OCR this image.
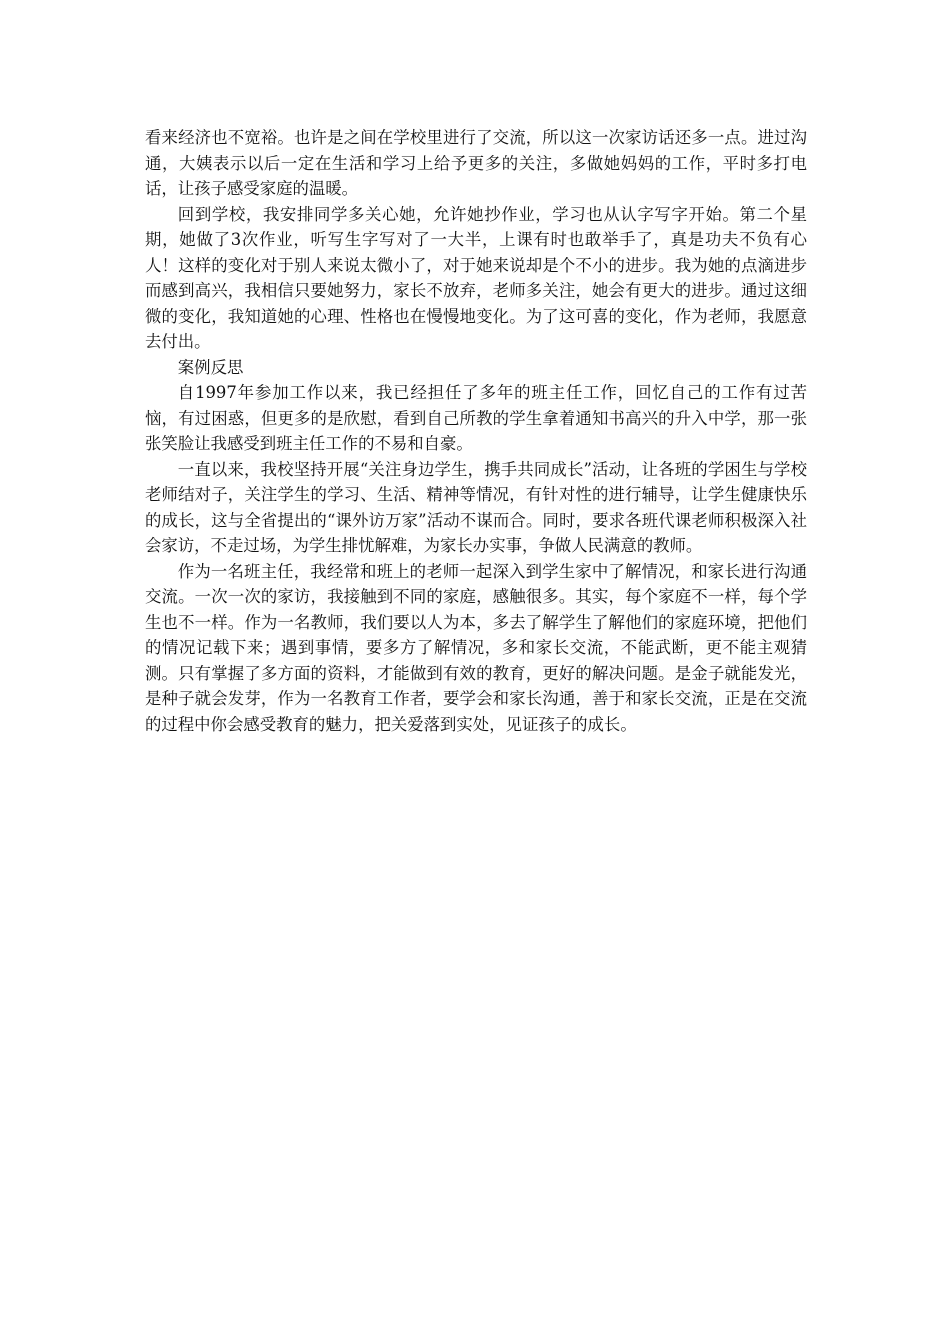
看来经济也不宽裕。也许是之间在学校里进行了交流，所以这一次家访话还多一点。进过沟通，大姨表示以后一定在生活和学习上给予更多的关注，多做她妈妈的工作，平时多打电话，让孩子感受家庭的温暖。

回到学校，我安排同学多关心她，允许她抄作业，学习也从认字写字开始。第二个星期，她做了3次作业，听写生字写对了一大半，上课有时也敢举手了，真是功夫不负有心人！这样的变化对于别人来说太微小了，对于她来说却是个不小的进步。我为她的点滴进步而感到高兴，我相信只要她努力，家长不放弃，老师多关注，她会有更大的进步。通过这细微的变化，我知道她的心理、性格也在慢慢地变化。为了这可喜的变化，作为老师，我愿意去付出。

案例反思

自1997年参加工作以来，我已经担任了多年的班主任工作，回忆自己的工作有过苦恼，有过困惑，但更多的是欣慰，看到自己所教的学生拿着通知书高兴的升入中学，那一张张笑脸让我感受到班主任工作的不易和自豪。

一直以来，我校坚持开展“关注身边学生，携手共同成长”活动，让各班的学困生与学校老师结对子，关注学生的学习、生活、精神等情况，有针对性的进行辅导，让学生健康快乐的成长，这与全省提出的“课外访万家”活动不谋而合。同时，要求各班代课老师积极深入社会家访，不走过场，为学生排忧解难，为家长办实事，争做人民满意的教师。

作为一名班主任，我经常和班上的老师一起深入到学生家中了解情况，和家长进行沟通交流。一次一次的家访，我接触到不同的家庭，感触很多。其实，每个家庭不一样，每个学生也不一样。作为一名教师，我们要以人为本，多去了解学生了解他们的家庭环境，把他们的情况记载下来；遇到事情，要多方了解情况，多和家长交流，不能武断，更不能主观猜测。只有掌握了多方面的资料，才能做到有效的教育，更好的解决问题。是金子就能发光，是种子就会发芽，作为一名教育工作者，要学会和家长沟通，善于和家长交流，正是在交流的过程中你会感受教育的魅力，把关爱落到实处，见证孩子的成长。
